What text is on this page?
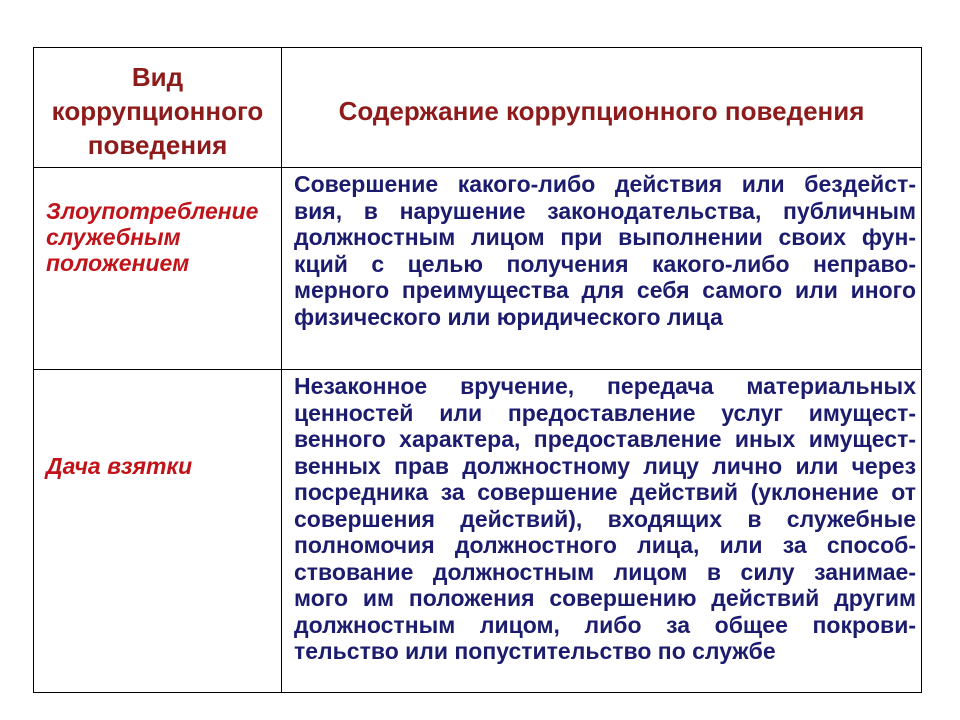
Вид
коррупционного
поведения
Содержание коррупционного поведения
Злоупотребление
служебным
положением
Совершение какого-либо действия или бездейст-
вия, в нарушение законодательства, публичным
должностным лицом при выполнении своих фун-
кций с целью получения какого-либо неправо-
мерного преимущества для себя самого или иного
физического или юридического лица
Дача взятки
Незаконное вручение, передача материальных
ценностей или предоставление услуг имущест-
венного характера, предоставление иных имущест-
венных прав должностному лицу лично или через
посредника за совершение действий (уклонение от
совершения действий), входящих в служебные
полномочия должностного лица, или за способ-
ствование должностным лицом в силу занимае-
мого им положения совершению действий другим
должностным лицом, либо за общее покрови-
тельство или попустительство по службе
